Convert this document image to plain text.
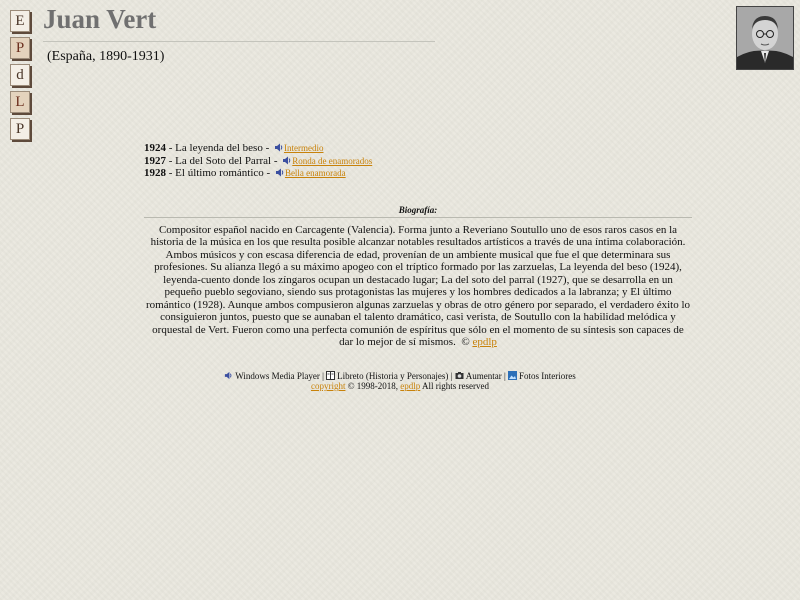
E
P
d
L
P
Juan Vert
(España, 1890-1931)
1924 - La leyenda del beso - Intermedio
1927 - La del Soto del Parral - Ronda de enamorados
1928 - El último romántico - Bella enamorada
Biografía:
Compositor español nacido en Carcagente (Valencia). Forma junto a Reveriano Soutullo uno de esos raros casos en la historia de la música en los que resulta posible alcanzar notables resultados artísticos a través de una íntima colaboración. Ambos músicos y con escasa diferencia de edad, provenían de un ambiente musical que fue el que determinara sus profesiones. Su alianza llegó a su máximo apogeo con el tríptico formado por las zarzuelas, La leyenda del beso (1924), leyenda-cuento donde los zíngaros ocupan un destacado lugar; La del soto del parral (1927), que se desarrolla en un pequeño pueblo segoviano, siendo sus protagonistas las mujeres y los hombres dedicados a la labranza; y El último romántico (1928). Aunque ambos compusieron algunas zarzuelas y obras de otro género por separado, el verdadero éxito lo consiguieron juntos, puesto que se aunaban el talento dramático, casi verista, de Soutullo con la habilidad melódica y orquestal de Vert. Fueron como una perfecta comunión de espíritus que sólo en el momento de su síntesis son capaces de dar lo mejor de sí mismos. © epdlp
Windows Media Player | Libreto (Historia y Personajes) | Aumentar | Fotos Interiores
copyright © 1998-2018, epdlp All rights reserved
